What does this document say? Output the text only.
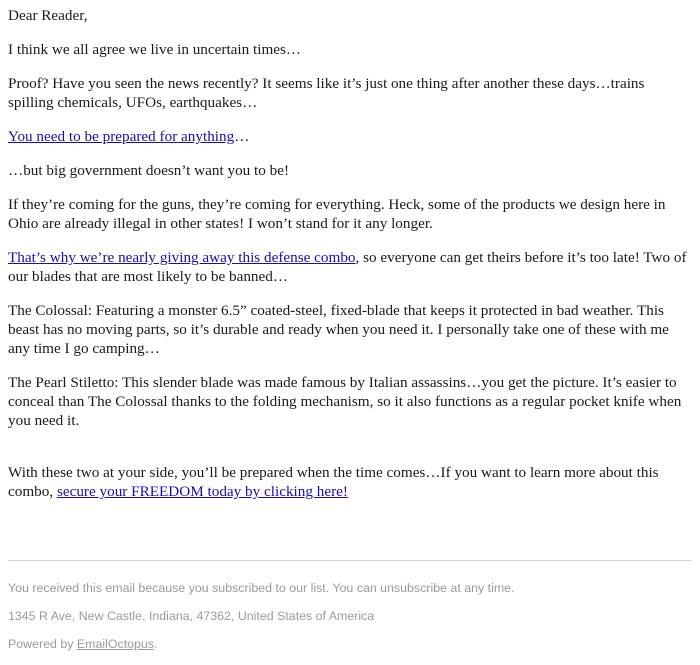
Dear Reader,

I think we all agree we live in uncertain times…

Proof? Have you seen the news recently? It seems like it’s just one thing after another these days…trains spilling chemicals, UFOs, earthquakes…

You need to be prepared for anything…

…but big government doesn’t want you to be!

If they’re coming for the guns, they’re coming for everything. Heck, some of the products we design here in Ohio are already illegal in other states! I won’t stand for it any longer.

That’s why we’re nearly giving away this defense combo, so everyone can get theirs before it’s too late! Two of our blades that are most likely to be banned…

The Colossal: Featuring a monster 6.5” coated-steel, fixed-blade that keeps it protected in bad weather. This beast has no moving parts, so it’s durable and ready when you need it. I personally take one of these with me any time I go camping…

The Pearl Stiletto: This slender blade was made famous by Italian assassins…you get the picture. It’s easier to conceal than The Colossal thanks to the folding mechanism, so it also functions as a regular pocket knife when you need it.

With these two at your side, you’ll be prepared when the time comes…If you want to learn more about this combo, secure your FREEDOM today by clicking here!

You received this email because you subscribed to our list. You can unsubscribe at any time.

1345 R Ave, New Castle, Indiana, 47362, United States of America

Powered by EmailOctopus.
